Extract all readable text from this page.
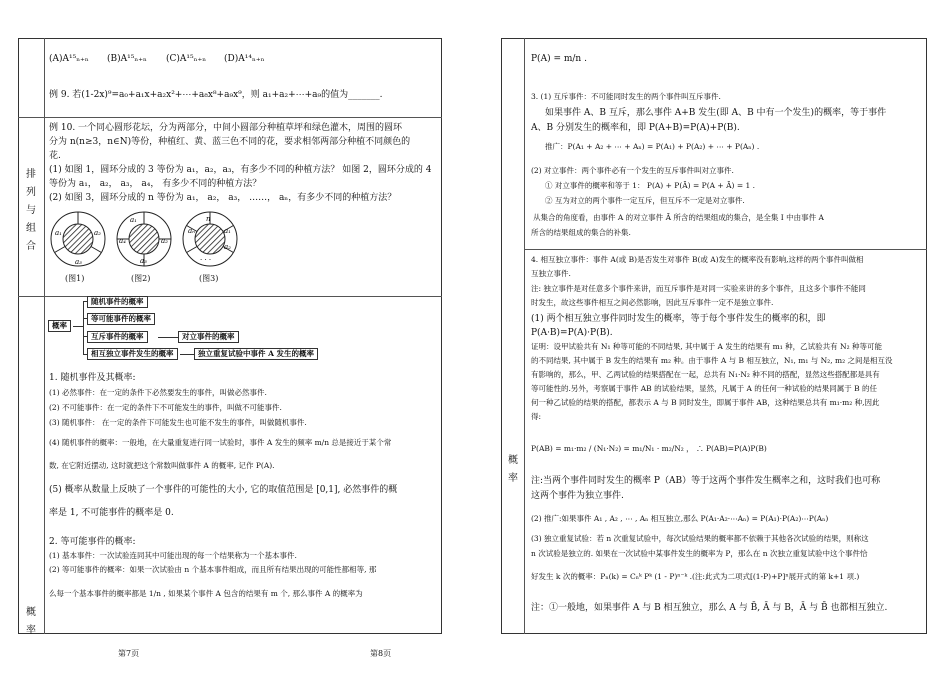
(A)A¹⁵ₙ₊ₙ (B)A¹⁵ₙ₊ₙ (C)A¹⁵ₙ₊ₙ (D)A¹⁴ₙ₊ₙ
例 9. 若(1-2x)⁹=a₀+a₁x+a₂x²+⋯+a₈x⁸+a₉x⁹，则 a₁+a₂+⋯+a₉的值为_______.
排列与组合
例 10. 一个同心圆形花坛，分为两部分，中间小圆部分种植草坪和绿色灌木，周围的圆环
分为 n(n≥3，n∈N)等份，种植红、黄、蓝三色不同的花，要求相邻两部分种植不同颜色的
花.
(1) 如图 1，圆环分成的 3 等份为 a₁，a₂，a₃，有多少不同的种植方法？ 如图 2，圆环分成的 4
等份为 a₁， a₂， a₃， a₄， 有多少不同的种植方法？
(2) 如图 3，圆环分成的 n 等份为 a₁， a₂， a₃， ……， aₙ，有多少不同的种植方法？
a₁	a₂
a₃
a₁
a₂
a₃
a₄
n
a₁
a₂
aₙ
· · ·
(图1)	(图2)	(图3)
概率
随机事件的概率
等可能事件的概率
互斥事件的概率
相互独立事件发生的概率
对立事件的概率
独立重复试验中事件 A 发生的概率
1. 随机事件及其概率:
(1) 必然事件：在一定的条件下必然要发生的事件，叫做必然事件.
(2) 不可能事件：在一定的条件下不可能发生的事件，叫做不可能事件.
(3) 随机事件： 在一定的条件下可能发生也可能不发生的事件，叫做随机事件.
(4) 随机事件的概率：一般地，在大量重复进行同一试验时，事件 A 发生的频率 m/n 总是接近于某个常
数, 在它附近摆动, 这时就把这个常数叫做事件 A 的概率, 记作 P(A).
(5) 概率从数量上反映了一个事件的可能性的大小, 它的取值范围是 [0,1], 必然事件的概
率是 1, 不可能事件的概率是 0.
2. 等可能事件的概率:
(1) 基本事件：一次试验连同其中可能出现的每一个结果称为一个基本事件.
(2) 等可能事件的概率：如果一次试验由 n 个基本事件组成，而且所有结果出现的可能性都相等, 那
么每一个基本事件的概率都是 1/n , 如果某个事件 A 包含的结果有 m 个, 那么事件 A 的概率为
概率
第7页
P(A) = m/n .
3. (1) 互斥事件：不可能同时发生的两个事件叫互斥事件.
如果事件 A、B 互斥，那么事件 A+B 发生(即 A、B 中有一个发生)的概率，等于事件
A、B 分别发生的概率和，即 P(A+B)=P(A)+P(B).
推广：P(A₁ + A₂ + ⋯ + Aₙ) = P(A₁) + P(A₂) + ⋯ + P(Aₙ) .
(2) 对立事件：两个事件必有一个发生的互斥事件叫对立事件.
① 对立事件的概率和等于 1： P(A) + P(Ā) = P(A + Ā) = 1 .
② 互为对立的两个事件一定互斥，但互斥不一定是对立事件.
从集合的角度看，由事件 A 的对立事件 Ā 所含的结果组成的集合，是全集 I 中由事件 A
所含的结果组成的集合的补集.
4. 相互独立事件：事件 A(或 B)是否发生对事件 B(或 A)发生的概率没有影响,这样的两个事件叫做相
互独立事件.
注: 独立事件是对任意多个事件来讲，而互斥事件是对同一实验来讲的多个事件，且这多个事件不能同
时发生，故这些事件相互之间必然影响，因此互斥事件一定不是独立事件.
(1) 两个相互独立事件同时发生的概率，等于每个事件发生的概率的积，即
P(A·B)=P(A)·P(B).
证明：设甲试验共有 N₁ 种等可能的不同结果, 其中属于 A 发生的结果有 m₁ 种，乙试验共有 N₂ 种等可能
的不同结果, 其中属于 B 发生的结果有 m₂ 种。由于事件 A 与 B 相互独立，N₁, m₁ 与 N₂, m₂ 之间是相互没
有影响的，那么，甲、乙两试验的结果搭配在一起，总共有 N₁·N₂ 种不同的搭配，显然这些搭配都是具有
等可能性的.另外，考察属于事件 AB 的试验结果，显然，凡属于 A 的任何一种试验的结果同属于 B 的任
何一种乙试验的结果的搭配，都表示 A 与 B 同时发生，即属于事件 AB，这种结果总共有 m₁·m₂ 种,因此
得:
P(AB) = m₁·m₂ / (N₁·N₂) = m₁/N₁ · m₂/N₂ ， ∴ P(AB)=P(A)P(B)
注:当两个事件同时发生的概率 P（AB）等于这两个事件发生概率之和，这时我们也可称
这两个事件为独立事件.
(2) 推广:如果事件 A₁ , A₂ , ⋯ , Aₙ 相互独立,那么 P(A₁·A₂·⋯Aₙ) = P(A₁)·P(A₂)⋯P(Aₙ)
(3) 独立重复试验：若 n 次重复试验中，每次试验结果的概率都不依赖于其他各次试验的结果，则称这
n 次试验是独立的. 如果在一次试验中某事件发生的概率为 P，那么在 n 次独立重复试验中这个事件恰
好发生 k 次的概率：Pₙ(k) = Cₙᵏ Pᵏ (1 - P)ⁿ⁻ᵏ .(注:此式为二项式[(1-P)+P]ⁿ展开式的第 k+1 项.)
注：①一般地，如果事件 A 与 B 相互独立，那么 A 与 B̄, Ā 与 B，Ā 与 B̄ 也都相互独立.
概率
第8页
